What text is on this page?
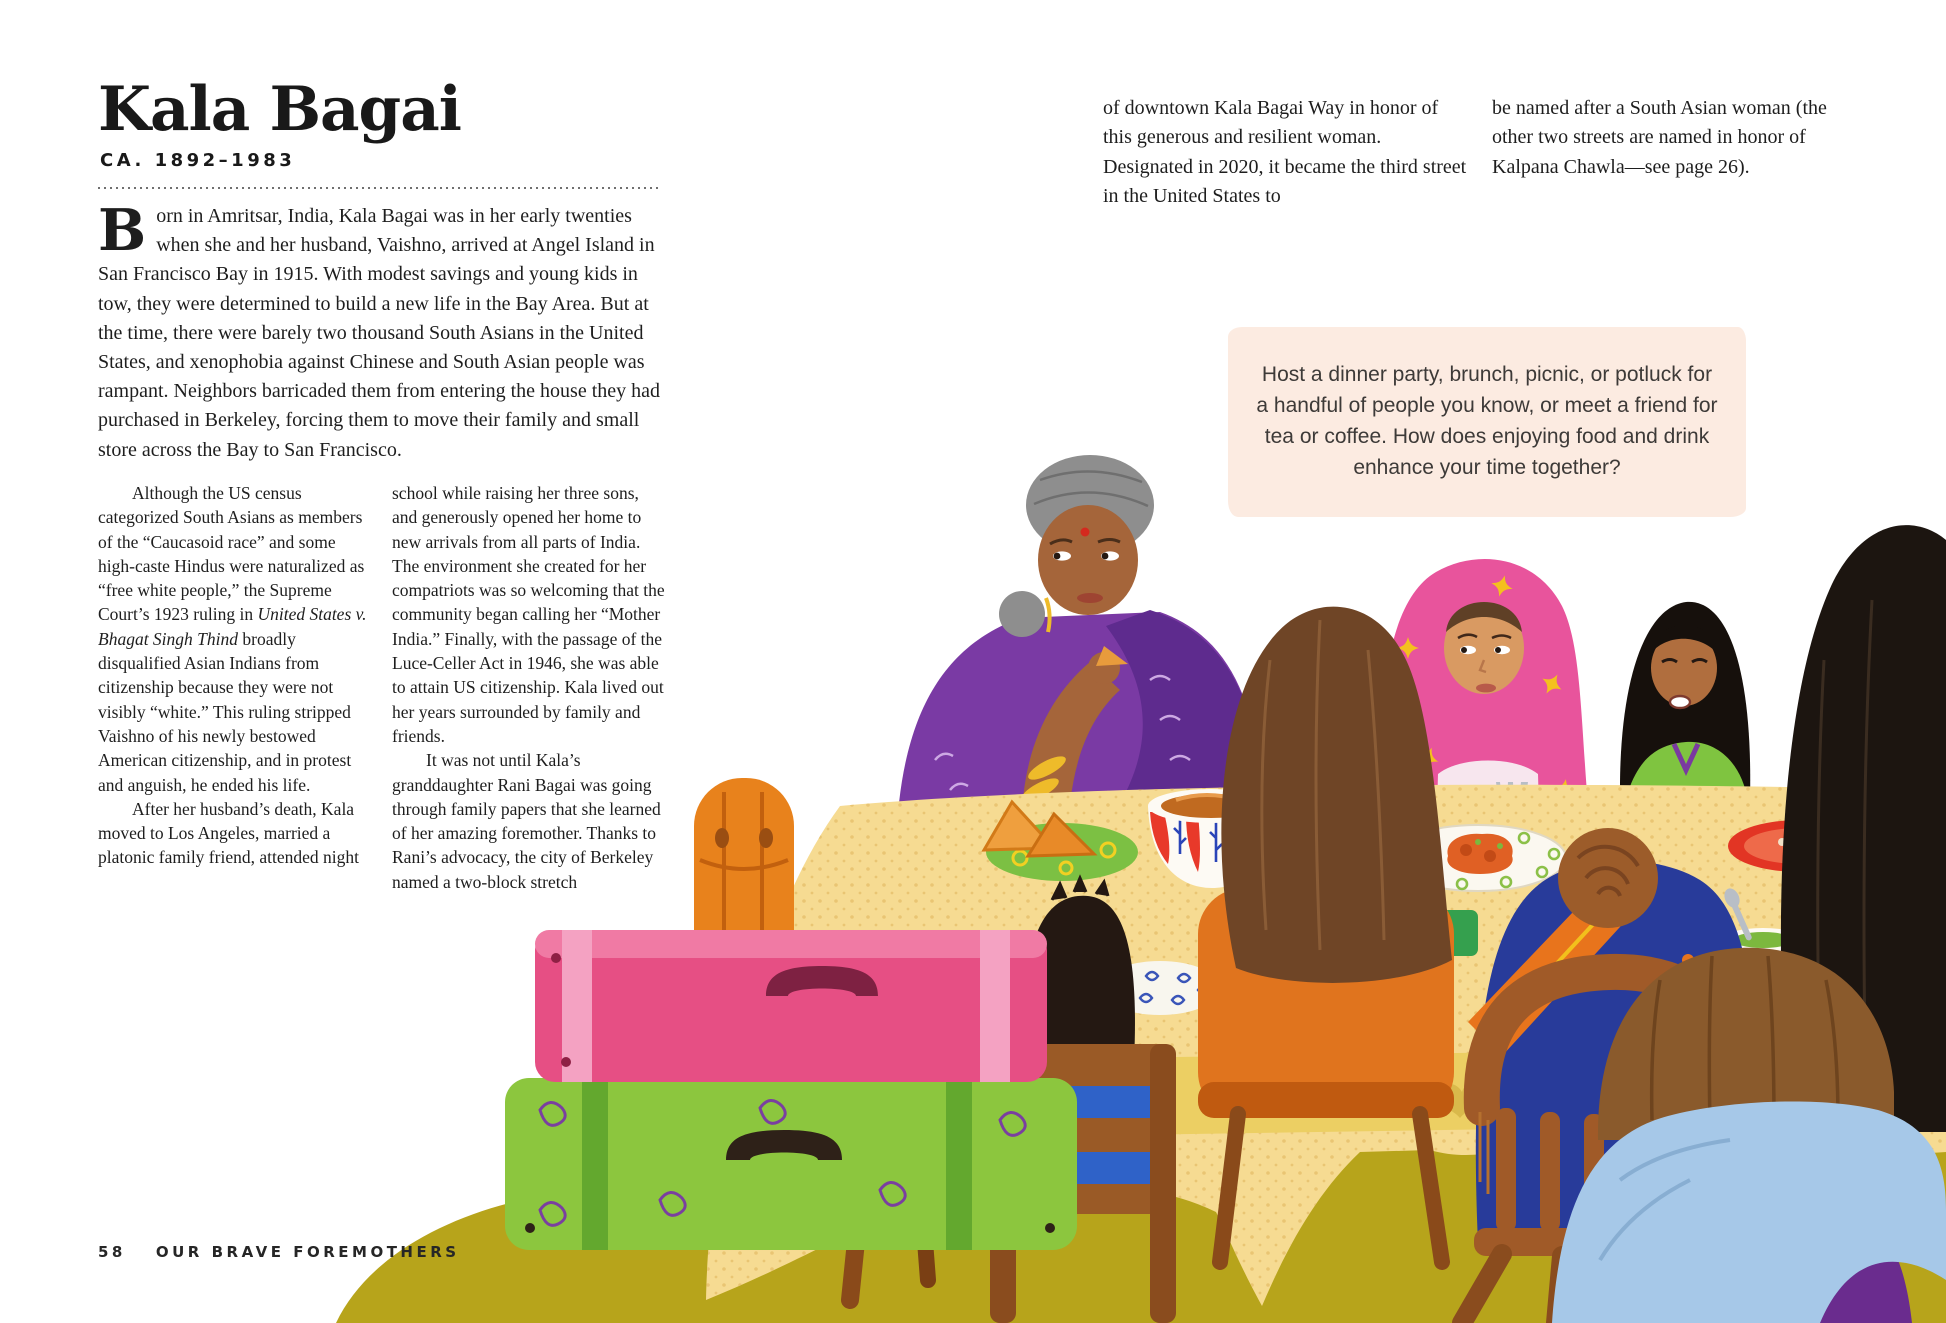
Kala Bagai
CA. 1892–1983
Born in Amritsar, India, Kala Bagai was in her early twenties when she and her husband, Vaishno, arrived at Angel Island in San Francisco Bay in 1915. With modest savings and young kids in tow, they were determined to build a new life in the Bay Area. But at the time, there were barely two thousand South Asians in the United States, and xenophobia against Chinese and South Asian people was rampant. Neighbors barricaded them from entering the house they had purchased in Berkeley, forcing them to move their family and small store across the Bay to San Francisco.

Although the US census categorized South Asians as members of the “Caucasoid race” and some high-caste Hindus were naturalized as “free white people,” the Supreme Court’s 1923 ruling in United States v. Bhagat Singh Thind broadly disqualified Asian Indians from citizenship because they were not visibly “white.” This ruling stripped Vaishno of his newly bestowed American citizenship, and in protest and anguish, he ended his life.

After her husband’s death, Kala moved to Los Angeles, married a platonic family friend, attended night

school while raising her three sons, and generously opened her home to new arrivals from all parts of India. The environment she created for her compatriots was so welcoming that the community began calling her “Mother India.” Finally, with the passage of the Luce-Celler Act in 1946, she was able to attain US citizenship. Kala lived out her years surrounded by family and friends.

It was not until Kala’s granddaughter Rani Bagai was going through family papers that she learned of her amazing foremother. Thanks to Rani’s advocacy, the city of Berkeley named a two-block stretch

of downtown Kala Bagai Way in honor of this generous and resilient woman. Designated in 2020, it became the third street in the United States to
be named after a South Asian woman (the other two streets are named in honor of Kalpana Chawla—see page 26).
Host a dinner party, brunch, picnic, or potluck for a handful of people you know, or meet a friend for tea or coffee. How does enjoying food and drink enhance your time together?
58 OUR BRAVE FOREMOTHERS
